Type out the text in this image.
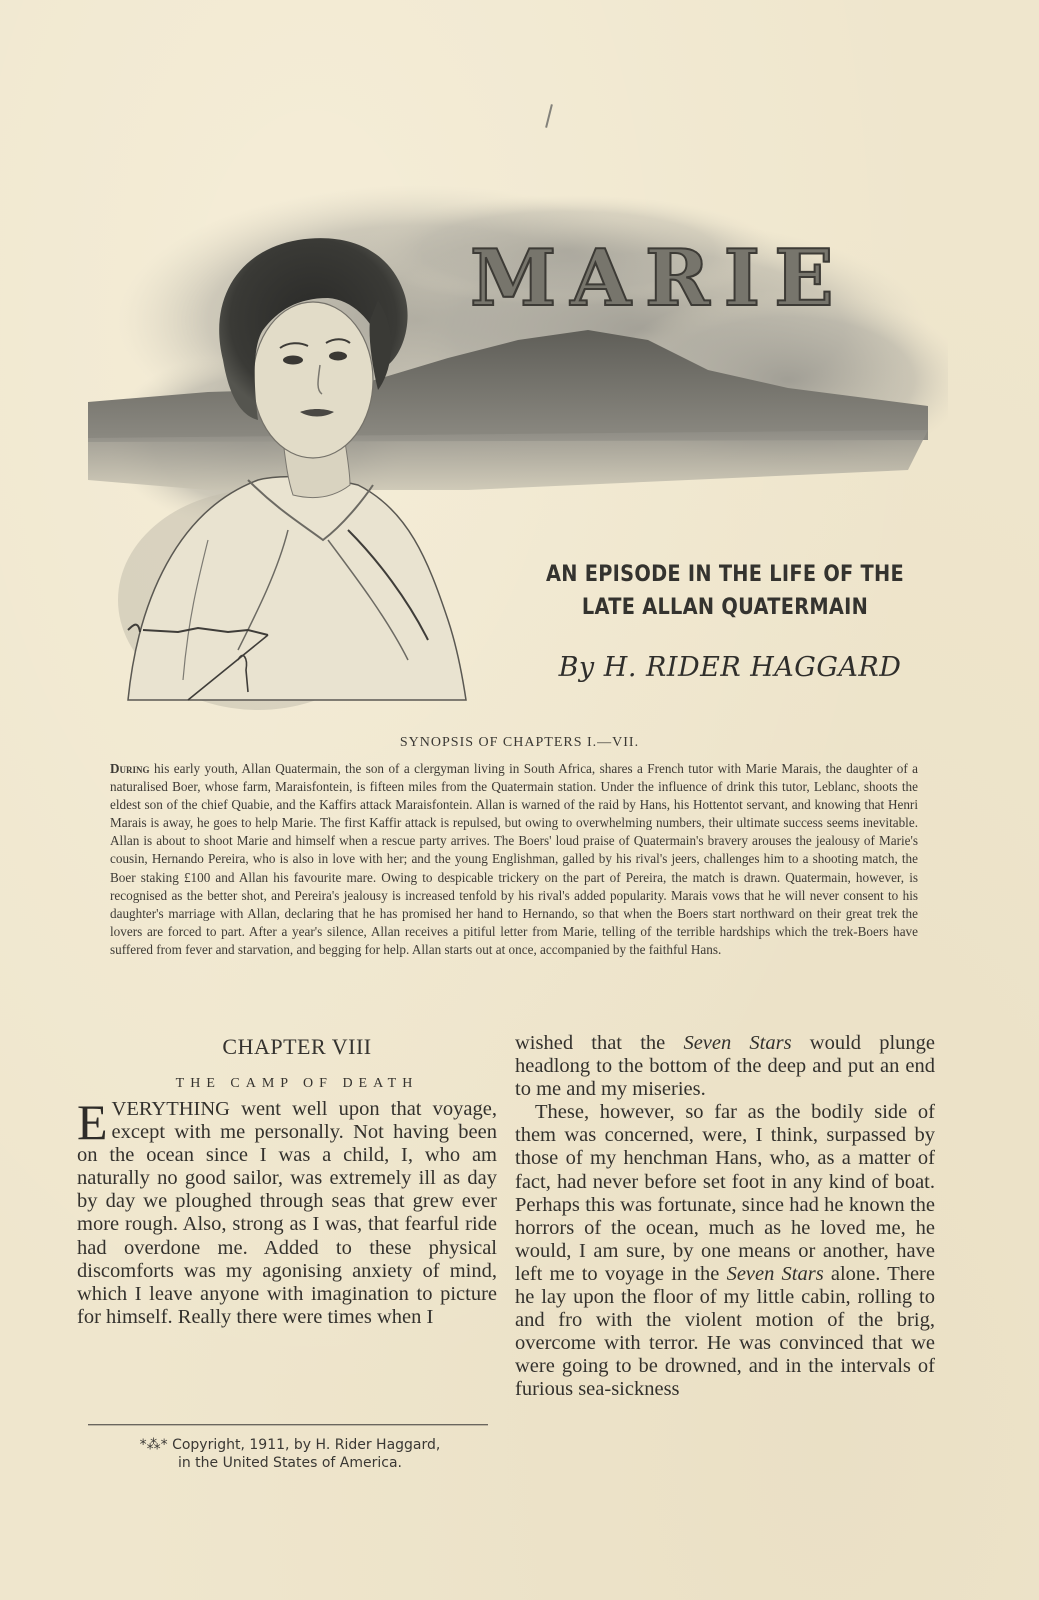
MARIE
AN EPISODE IN THE LIFE OF THE
LATE ALLAN QUATERMAIN
By H. RIDER HAGGARD
SYNOPSIS OF CHAPTERS I.—VII.
During his early youth, Allan Quatermain, the son of a clergyman living in South Africa, shares a French tutor with Marie Marais, the daughter of a naturalised Boer, whose farm, Maraisfontein, is fifteen miles from the Quatermain station. Under the influence of drink this tutor, Leblanc, shoots the eldest son of the chief Quabie, and the Kaffirs attack Maraisfontein. Allan is warned of the raid by Hans, his Hottentot servant, and knowing that Henri Marais is away, he goes to help Marie. The first Kaffir attack is repulsed, but owing to overwhelming numbers, their ultimate success seems inevitable. Allan is about to shoot Marie and himself when a rescue party arrives. The Boers' loud praise of Quatermain's bravery arouses the jealousy of Marie's cousin, Hernando Pereira, who is also in love with her; and the young Englishman, galled by his rival's jeers, challenges him to a shooting match, the Boer staking £100 and Allan his favourite mare. Owing to despicable trickery on the part of Pereira, the match is drawn. Quatermain, however, is recognised as the better shot, and Pereira's jealousy is increased tenfold by his rival's added popularity. Marais vows that he will never consent to his daughter's marriage with Allan, declaring that he has promised her hand to Hernando, so that when the Boers start northward on their great trek the lovers are forced to part. After a year's silence, Allan receives a pitiful letter from Marie, telling of the terrible hardships which the trek-Boers have suffered from fever and starvation, and begging for help. Allan starts out at once, accompanied by the faithful Hans.
CHAPTER VIII
THE CAMP OF DEATH

EVERYTHING went well upon that voyage, except with me personally. Not having been on the ocean since I was a child, I, who am naturally no good sailor, was extremely ill as day by day we ploughed through seas that grew ever more rough. Also, strong as I was, that fearful ride had overdone me. Added to these physical discomforts was my agonising anxiety of mind, which I leave anyone with imagination to picture for himself. Really there were times when I

*⁂* Copyright, 1911, by H. Rider Haggard,
in the United States of America.

wished that the Seven Stars would plunge headlong to the bottom of the deep and put an end to me and my miseries.

These, however, so far as the bodily side of them was concerned, were, I think, surpassed by those of my henchman Hans, who, as a matter of fact, had never before set foot in any kind of boat. Perhaps this was fortunate, since had he known the horrors of the ocean, much as he loved me, he would, I am sure, by one means or another, have left me to voyage in the Seven Stars alone. There he lay upon the floor of my little cabin, rolling to and fro with the violent motion of the brig, overcome with terror. He was convinced that we were going to be drowned, and in the intervals of furious sea-sickness
